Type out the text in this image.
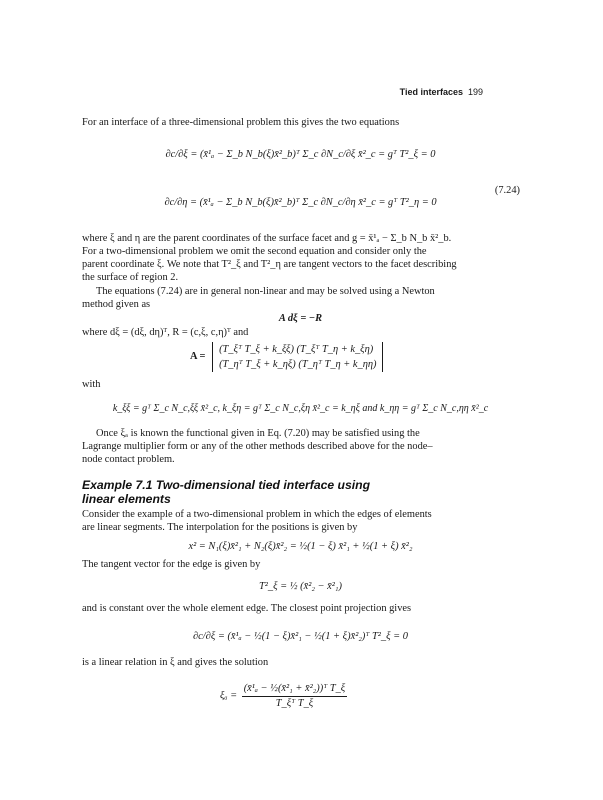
Tied interfaces 199
For an interface of a three-dimensional problem this gives the two equations
∂c/∂ξ = (x̄¹ₐ − Σ_b N_b(ξ)x̄²_b)ᵀ Σ_c ∂N_c/∂ξ x̄²_c = gᵀ T²_ξ = 0
∂c/∂η = (x̄¹ₐ − Σ_b N_b(ξ)x̄²_b)ᵀ Σ_c ∂N_c/∂η x̄²_c = gᵀ T²_η = 0
(7.24)
where ξ and η are the parent coordinates of the surface facet and g = x̄¹ₐ − Σ_b N_b x̄²_b.
For a two-dimensional problem we omit the second equation and consider only the
parent coordinate ξ. We note that T²_ξ and T²_η are tangent vectors to the facet describing
the surface of region 2.
The equations (7.24) are in general non-linear and may be solved using a Newton
method given as
A dξ = −R
where dξ = (dξ, dη)ᵀ, R = (c,ξ, c,η)ᵀ and
A =
(T_ξᵀ T_ξ + k_ξξ) (T_ξᵀ T_η + k_ξη)
(T_ηᵀ T_ξ + k_ηξ) (T_ηᵀ T_η + k_ηη)
with
k_ξξ = gᵀ Σ_c N_c,ξξ x̄²_c, k_ξη = gᵀ Σ_c N_c,ξη x̄²_c = k_ηξ and k_ηη = gᵀ Σ_c N_c,ηη x̄²_c
Once ξₐ is known the functional given in Eq. (7.20) may be satisfied using the
Lagrange multiplier form or any of the other methods described above for the node–
node contact problem.
Example 7.1 Two-dimensional tied interface using
linear elements
Consider the example of a two-dimensional problem in which the edges of elements
are linear segments. The interpolation for the positions is given by
x² = N₁(ξ)x̄²₁ + N₂(ξ)x̄²₂ = ½(1 − ξ) x̄²₁ + ½(1 + ξ) x̄²₂
The tangent vector for the edge is given by
T²_ξ = ½ (x̄²₂ − x̄²₁)
and is constant over the whole element edge. The closest point projection gives
∂c/∂ξ = (x̄¹ₐ − ½(1 − ξ)x̄²₁ − ½(1 + ξ)x̄²₂)ᵀ T²_ξ = 0
is a linear relation in ξ and gives the solution
$\xi_a = \frac{\text{(x̄¹ₐ − ½(x̄²₁ + x̄²₂))ᵀ T\_ξ}}{\text{T\_ξᵀ T\_ξ}}$
